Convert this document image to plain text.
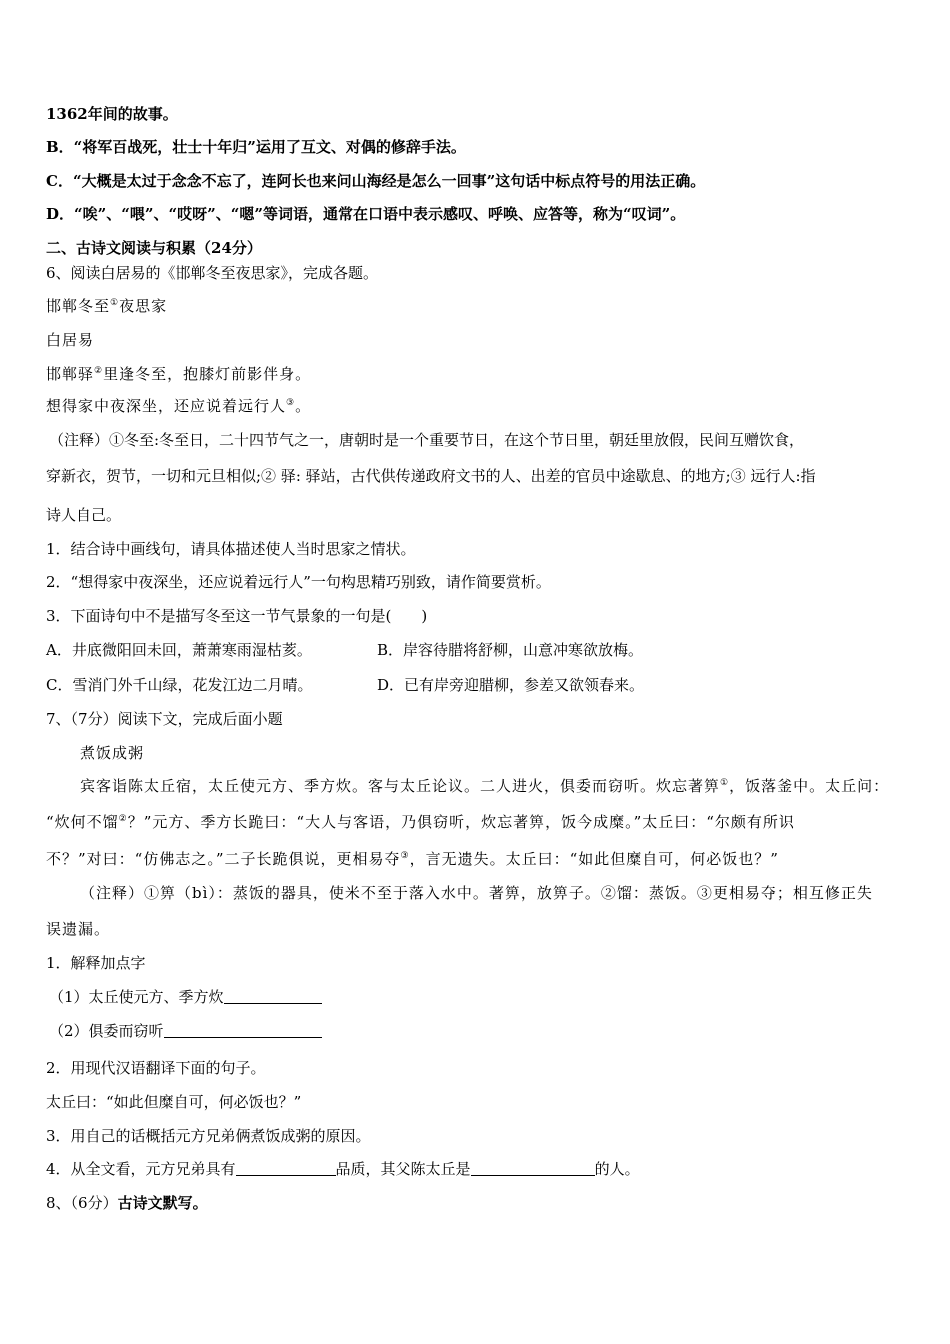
1362年间的故事。
B．“将军百战死，壮士十年归”运用了互文、对偶的修辞手法。
C．“大概是太过于念念不忘了，连阿长也来问山海经是怎么一回事”这句话中标点符号的用法正确。
D．“唉”、“喂”、“哎呀”、“嗯”等词语，通常在口语中表示感叹、呼唤、应答等，称为“叹词”。
二、古诗文阅读与积累（24分）
6、阅读白居易的《邯郸冬至夜思家》，完成各题。
邯郸冬至①夜思家
白居易
邯郸驿②里逢冬至，抱膝灯前影伴身。
想得家中夜深坐，还应说着远行人③。
（注释）①冬至:冬至日，二十四节气之一，唐朝时是一个重要节日，在这个节日里，朝廷里放假，民间互赠饮食，
穿新衣，贺节，一切和元旦相似;② 驿: 驿站，古代供传递政府文书的人、出差的官员中途歇息、的地方;③ 远行人:指
诗人自己。
1．结合诗中画线句，请具体描述使人当时思家之情状。
2．“想得家中夜深坐，还应说着远行人”一句构思精巧别致，请作简要赏析。
3．下面诗句中不是描写冬至这一节气景象的一句是(　　)
A．井底微阳回未回，萧萧寒雨湿枯荄。	B．岸容待腊将舒柳，山意冲寒欲放梅。
C．雪消门外千山绿，花发江边二月晴。	D．已有岸旁迎腊柳，参差又欲领春来。
7、（7分）阅读下文，完成后面小题
煮饭成粥
宾客诣陈太丘宿，太丘使元方、季方炊。客与太丘论议。二人进火，俱委而窃听。炊忘著箅①，饭落釜中。太丘问：
“炊何不馏②？”元方、季方长跪曰：“大人与客语，乃俱窃听，炊忘著箅，饭今成糜。”太丘曰：“尔颇有所识
不？”对曰：“仿佛志之。”二子长跪俱说，更相易夺③，言无遗失。太丘曰：“如此但糜自可，何必饭也？”
（注释）①箅（bì）：蒸饭的器具，使米不至于落入水中。著箅，放箅子。②馏：蒸饭。③更相易夺；相互修正失
误遗漏。
1．解释加点字
（1）太丘使元方、季方炊
（2）俱委而窃听
2．用现代汉语翻译下面的句子。
太丘曰：“如此但糜自可，何必饭也？”
3．用自己的话概括元方兄弟俩煮饭成粥的原因。
4．从全文看，元方兄弟具有	品质，其父陈太丘是	的人。
8、（6分）古诗文默写。
